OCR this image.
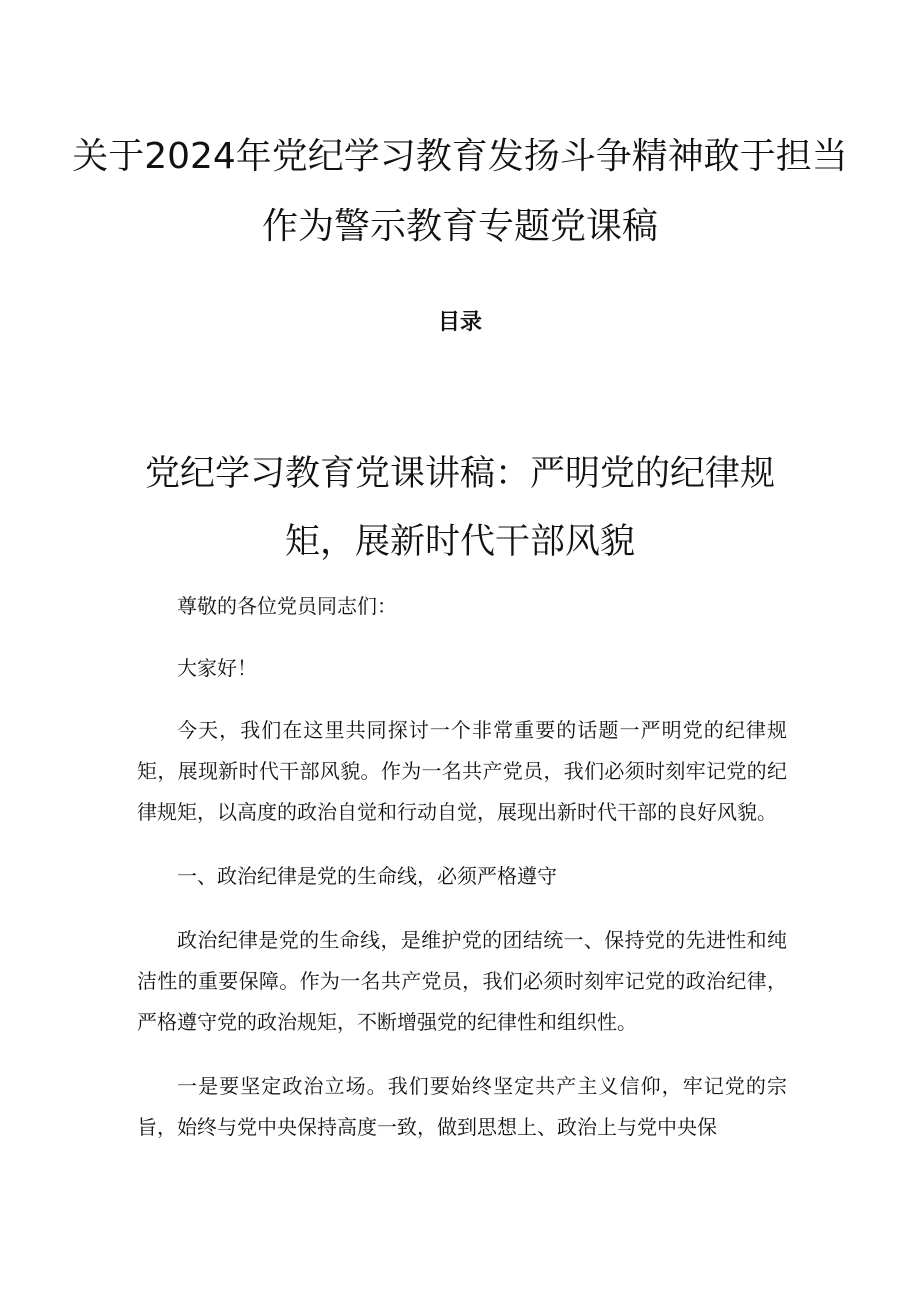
关于2024年党纪学习教育发扬斗争精神敢于担当作为警示教育专题党课稿
目录
党纪学习教育党课讲稿：严明党的纪律规矩，展新时代干部风貌

尊敬的各位党员同志们：

大家好！

今天，我们在这里共同探讨一个非常重要的话题一严明党的纪律规矩，展现新时代干部风貌。作为一名共产党员，我们必须时刻牢记党的纪律规矩，以高度的政治自觉和行动自觉，展现出新时代干部的良好风貌。

一、政治纪律是党的生命线，必须严格遵守

政治纪律是党的生命线，是维护党的团结统一、保持党的先进性和纯洁性的重要保障。作为一名共产党员，我们必须时刻牢记党的政治纪律，严格遵守党的政治规矩，不断增强党的纪律性和组织性。

一是要坚定政治立场。我们要始终坚定共产主义信仰，牢记党的宗旨，始终与党中央保持高度一致，做到思想上、政治上与党中央保
